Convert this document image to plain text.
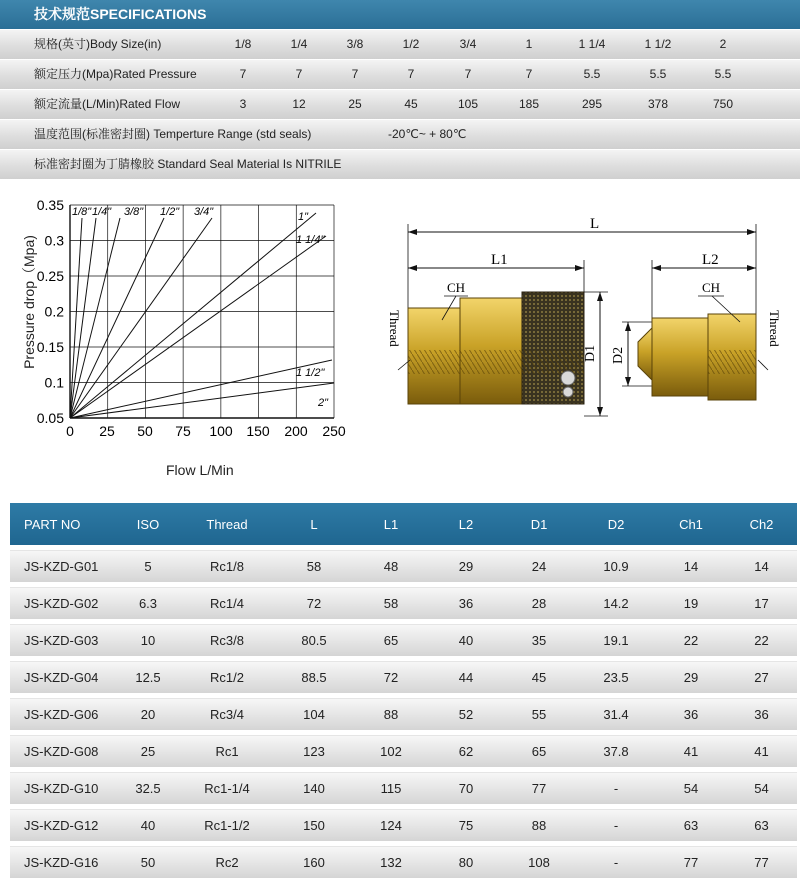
技术规范SPECIFICATIONS
规格(英寸)Body Size(in)	1/8	1/4	3/8	1/2	3/4	1	1 1/4	1 1/2	2
额定压力(Mpa)Rated Pressure	7	7	7	7	7	7	5.5	5.5	5.5
额定流量(L/Min)Rated Flow	3	12	25	45	105	185	295	378	750
温度范围(标准密封圈) Temperture Range (std seals)	-20℃~ + 80℃
标准密封圈为丁腈橡胶 Standard Seal Material Is NITRILE
0.35
0.3
0.25
0.2
0.15
0.1
0.05
0 25 50 75 100 150 200 250
1/8" 1/4" 3/8" 1/2" 3/4"	1"
1 1/4"
1 1/2"
2"
Pressure drop（Mpa)
Flow L/Min
L
L1	L2
CH
Thread
D1 D2
CH
Thread
PART NO	ISO	Thread	L	L1	L2	D1	D2	Ch1	Ch2
JS-KZD-G01	5	Rc1/8	58	48	29	24	10.9	14	14
JS-KZD-G02	6.3	Rc1/4	72	58	36	28	14.2	19	17
JS-KZD-G03	10	Rc3/8	80.5	65	40	35	19.1	22	22
JS-KZD-G04	12.5	Rc1/2	88.5	72	44	45	23.5	29	27
JS-KZD-G06	20	Rc3/4	104	88	52	55	31.4	36	36
JS-KZD-G08	25	Rc1	123	102	62	65	37.8	41	41
JS-KZD-G10	32.5	Rc1-1/4	140	115	70	77	-	54	54
JS-KZD-G12	40	Rc1-1/2	150	124	75	88	-	63	63
JS-KZD-G16	50	Rc2	160	132	80	108	-	77	77
